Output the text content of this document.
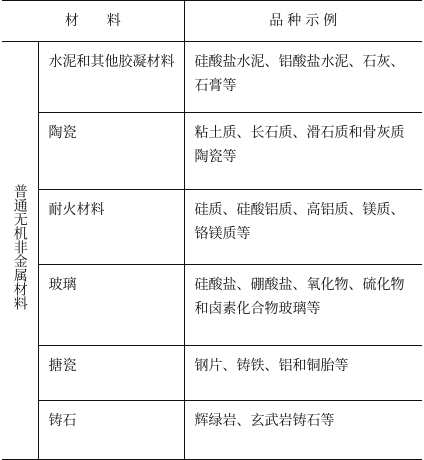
材 料		品 种 示 例
普通无机非金属材料	水泥和其他胶凝材料	硅酸盐水泥、铝酸盐水泥、石灰、石膏等
	陶瓷	粘土质、长石质、滑石质和骨灰质陶瓷等
	耐火材料	硅质、硅酸铝质、高铝质、镁质、铬镁质等
	玻璃	硅酸盐、硼酸盐、氧化物、硫化物和卤素化合物玻璃等
	搪瓷	钢片、铸铁、铝和铜胎等
	铸石	辉绿岩、玄武岩铸石等
